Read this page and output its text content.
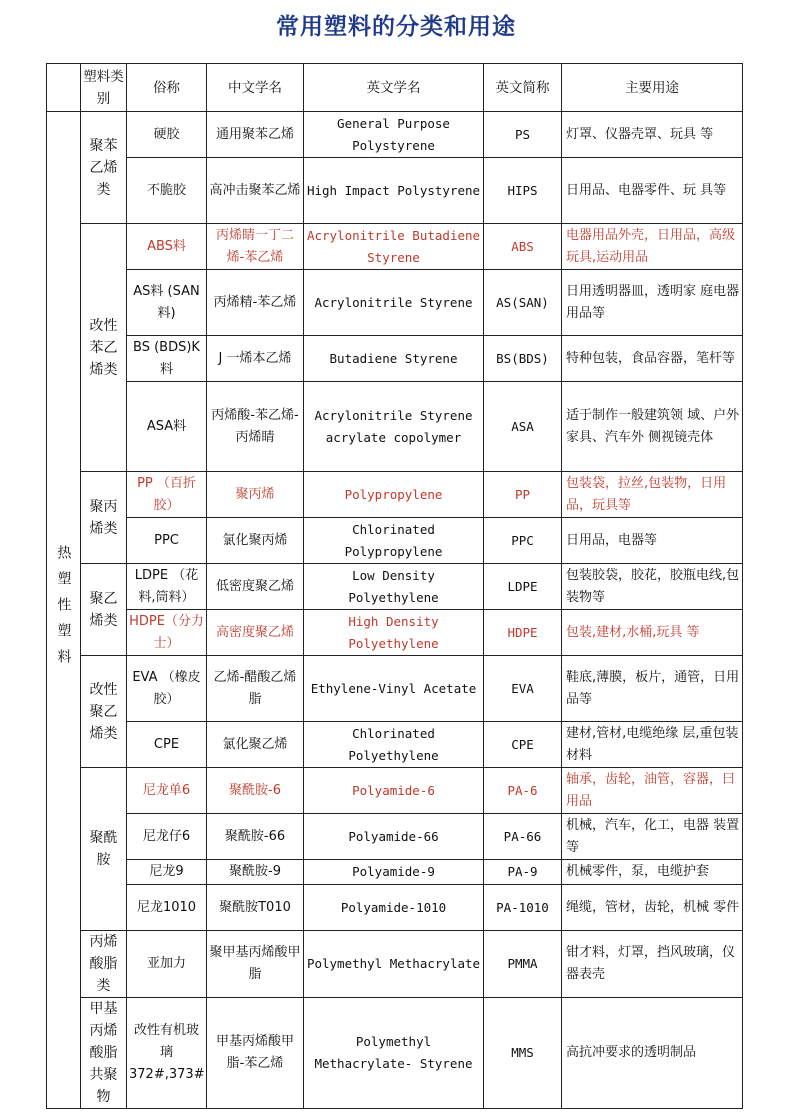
常用塑料的分类和用途
	塑料类别	俗称	中文学名	英文学名	英文简称	主要用途

热塑性塑料	聚苯乙烯类	硬胶	通用聚苯乙烯	General Purpose Polystyrene	PS	灯罩、仪器壳罩、玩具 等
		不脆胶	高冲击聚苯乙烯	High Impact Polystyrene	HIPS	日用品、电器零件、玩 具等

	改性苯乙烯类	ABS料	丙烯睛一丁二烯-苯乙烯	Acrylonitrile Butadiene Styrene	ABS	电器用品外壳，日用品，高级玩具,运动用品
		AS料 (SAN 料)	丙烯精-苯乙烯	Acrylonitrile Styrene	AS(SAN)	日用透明器皿，透明家 庭电器用品等
		BS (BDS)K料	J 一烯本乙烯	Butadiene Styrene	BS(BDS)	特种包装，食品容器，笔杆等
		ASA料	丙烯酸-苯乙烯-丙烯睛	Acrylonitrile Styrene acrylate copolymer	ASA	适于制作一般建筑领 域、户外家具、汽车外 侧视镜壳体

	聚丙烯类	PP （百折胶）	聚丙烯	Polypropylene	PP	包装袋，拉丝,包装物，日用品，玩具等
		PPC	氯化聚丙烯	Chlorinated Polypropylene	PPC	日用品，电器等

	聚乙烯类	LDPE （花料,筒料）	低密度聚乙烯	Low Density Polyethylene	LDPE	包装胶袋，胶花，胶瓶电线,包装物等
		HDPE（分力士）	高密度聚乙烯	High Density Polyethylene	HDPE	包装,建材,水桶,玩具 等

	改性聚乙烯类	EVA （橡皮胶）	乙烯-醋酸乙烯脂	Ethylene-Vinyl Acetate	EVA	鞋底,薄膜，板片，通管，日用品等
		CPE	氯化聚乙烯	Chlorinated Polyethylene	CPE	建材,管材,电缆绝缘 层,重包装材料

	聚酰胺	尼龙单6	聚酰胺-6	Polyamide-6	PA-6	轴承，齿轮，油管，容器，曰用品
		尼龙仔6	聚酰胺-66	Polyamide-66	PA-66	机械，汽车，化工，电器 装置等
		尼龙9	聚酰胺-9	Polyamide-9	PA-9	机械零件，泵，电缆护套
		尼龙1010	聚酰胺T010	Polyamide-1010	PA-1010	绳缆，管材，齿轮，机械 零件

	丙烯酸脂类	亚加力	聚甲基丙烯酸甲脂	Polymethyl Methacrylate	PMMA	钳才料，灯罩，挡风玻璃，仪器表壳

	甲基丙烯酸脂共聚物	改性有机玻璃 372#,373#	甲基丙烯酸甲脂-苯乙烯	Polymethyl Methacrylate- Styrene	MMS	高抗冲要求的透明制品
